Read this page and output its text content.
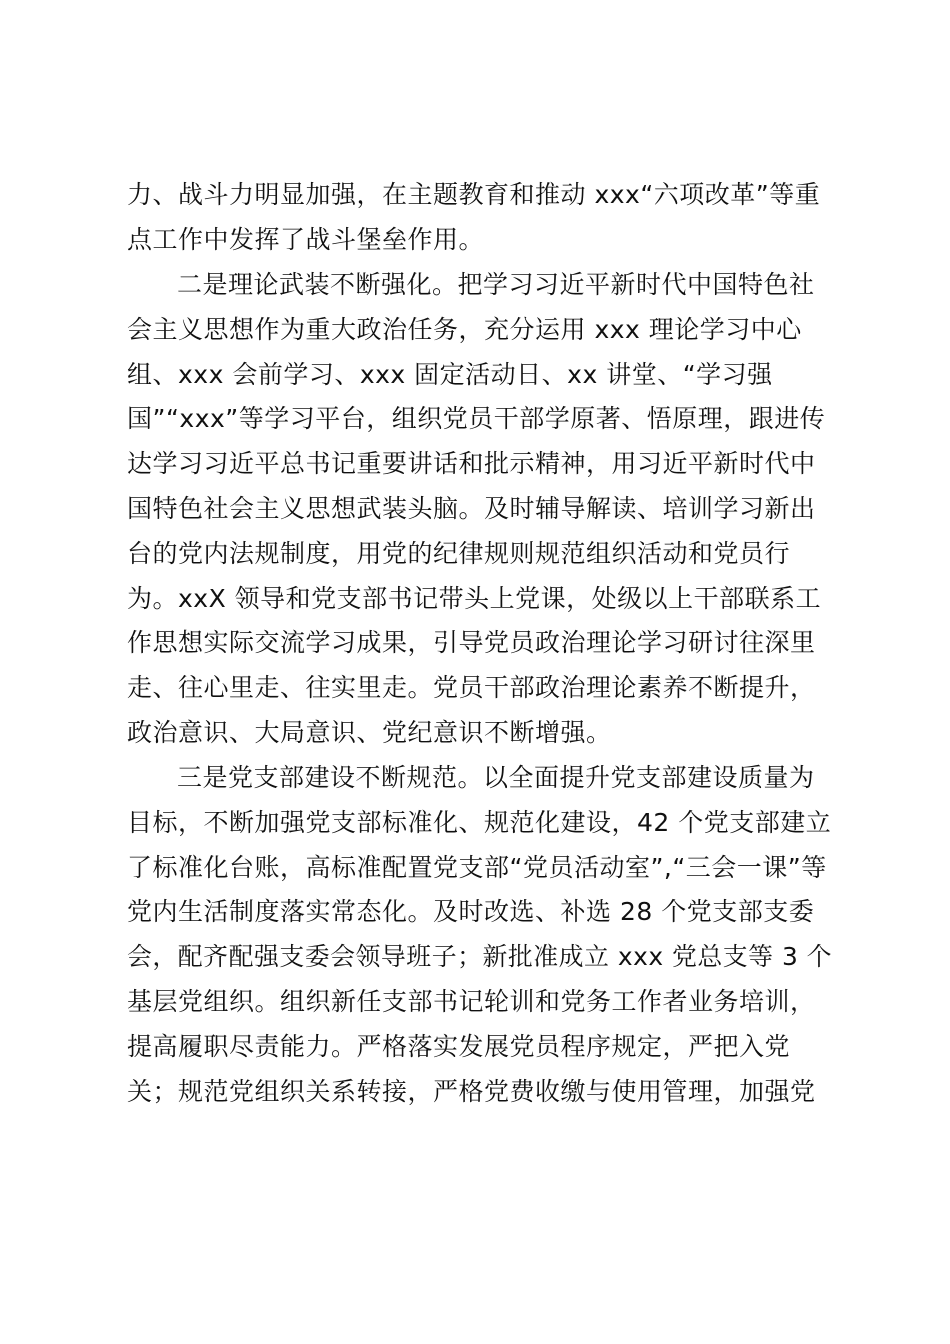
力、战斗力明显加强，在主题教育和推动 xxx“六项改革”等重
点工作中发挥了战斗堡垒作用。
二是理论武装不断强化。把学习习近平新时代中国特色社
会主义思想作为重大政治任务，充分运用 xxx 理论学习中心
组、xxx 会前学习、xxx 固定活动日、xx 讲堂、“学习强
国”“xxx”等学习平台，组织党员干部学原著、悟原理，跟进传
达学习习近平总书记重要讲话和批示精神，用习近平新时代中
国特色社会主义思想武装头脑。及时辅导解读、培训学习新出
台的党内法规制度，用党的纪律规则规范组织活动和党员行
为。xxX 领导和党支部书记带头上党课，处级以上干部联系工
作思想实际交流学习成果，引导党员政治理论学习研讨往深里
走、往心里走、往实里走。党员干部政治理论素养不断提升，
政治意识、大局意识、党纪意识不断增强。
三是党支部建设不断规范。以全面提升党支部建设质量为
目标，不断加强党支部标准化、规范化建设，42 个党支部建立
了标准化台账，高标准配置党支部“党员活动室”,“三会一课”等
党内生活制度落实常态化。及时改选、补选 28 个党支部支委
会，配齐配强支委会领导班子；新批准成立 xxx 党总支等 3 个
基层党组织。组织新任支部书记轮训和党务工作者业务培训，
提高履职尽责能力。严格落实发展党员程序规定，严把入党
关；规范党组织关系转接，严格党费收缴与使用管理，加强党
